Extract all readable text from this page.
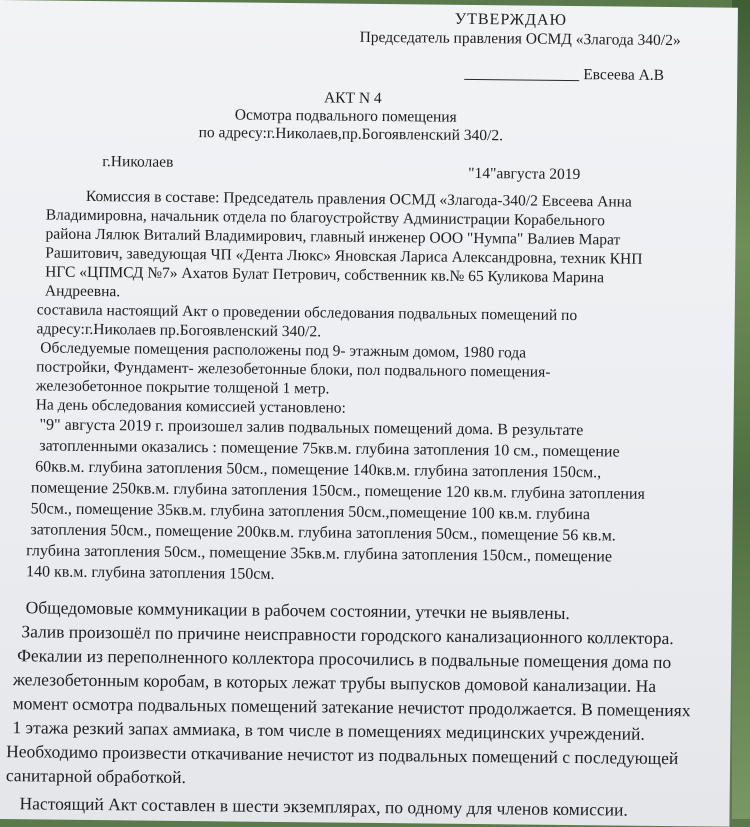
УТВЕРЖДАЮ
Председатель правления ОСМД «Злагода 340/2»
Евсеева А.В
АКТ N 4
Осмотра подвального помещения
по адресу:г.Николаев,пр.Богоявленский 340/2.
г.Николаев
"14"августа 2019
Комиссия в составе: Председатель правления ОСМД «Злагода-340/2 Евсеева Анна
Владимировна, начальник отдела по благоустройству Администрации Корабельного
района Лялюк Виталий Владимирович, главный инженер ООО "Нумпа" Валиев Марат
Рашитович, заведующая ЧП «Дента Люкс» Яновская Лариса Александровна, техник КНП
НГС «ЦПМСД №7» Ахатов Булат Петрович, собственник кв.№ 65 Куликова Марина
Андреевна.
составила настоящий Акт о проведении обследования подвальных помещений по
адресу:г.Николаев пр.Богоявленский 340/2.
Обследуемые помещения расположены под 9- этажным домом, 1980 года
постройки, Фундамент- железобетонные блоки, пол подвального помещения-
железобетонное покрытие толщеной 1 метр.
На день обследования комиссией установлено:
"9" августа 2019 г. произошел залив подвальных помещений дома. В результате
затопленными оказались : помещение 75кв.м. глубина затопления 10 см., помещение
60кв.м. глубина затопления 50см., помещение 140кв.м. глубина затопления 150см.,
помещение 250кв.м. глубина затопления 150см., помещение 120 кв.м. глубина затопления
50см., помещение 35кв.м. глубина затопления 50см.,помещение 100 кв.м. глубина
затопления 50см., помещение 200кв.м. глубина затопления 50см., помещение 56 кв.м.
глубина затопления 50см., помещение 35кв.м. глубина затопления 150см., помещение
140 кв.м. глубина затопления 150см.
Общедомовые коммуникации в рабочем состоянии, утечки не выявлены.
Залив произошёл по причине неисправности городского канализационного коллектора.
Фекалии из переполненного коллектора просочились в подвальные помещения дома по
железобетонным коробам, в которых лежат трубы выпусков домовой канализации. На
момент осмотра подвальных помещений затекание нечистот продолжается. В помещениях
1 этажа резкий запах аммиака, в том числе в помещениях медицинских учреждений.
Необходимо произвести откачивание нечистот из подвальных помещений с последующей
санитарной обработкой.
Настоящий Акт составлен в шести экземплярах, по одному для членов комиссии.
